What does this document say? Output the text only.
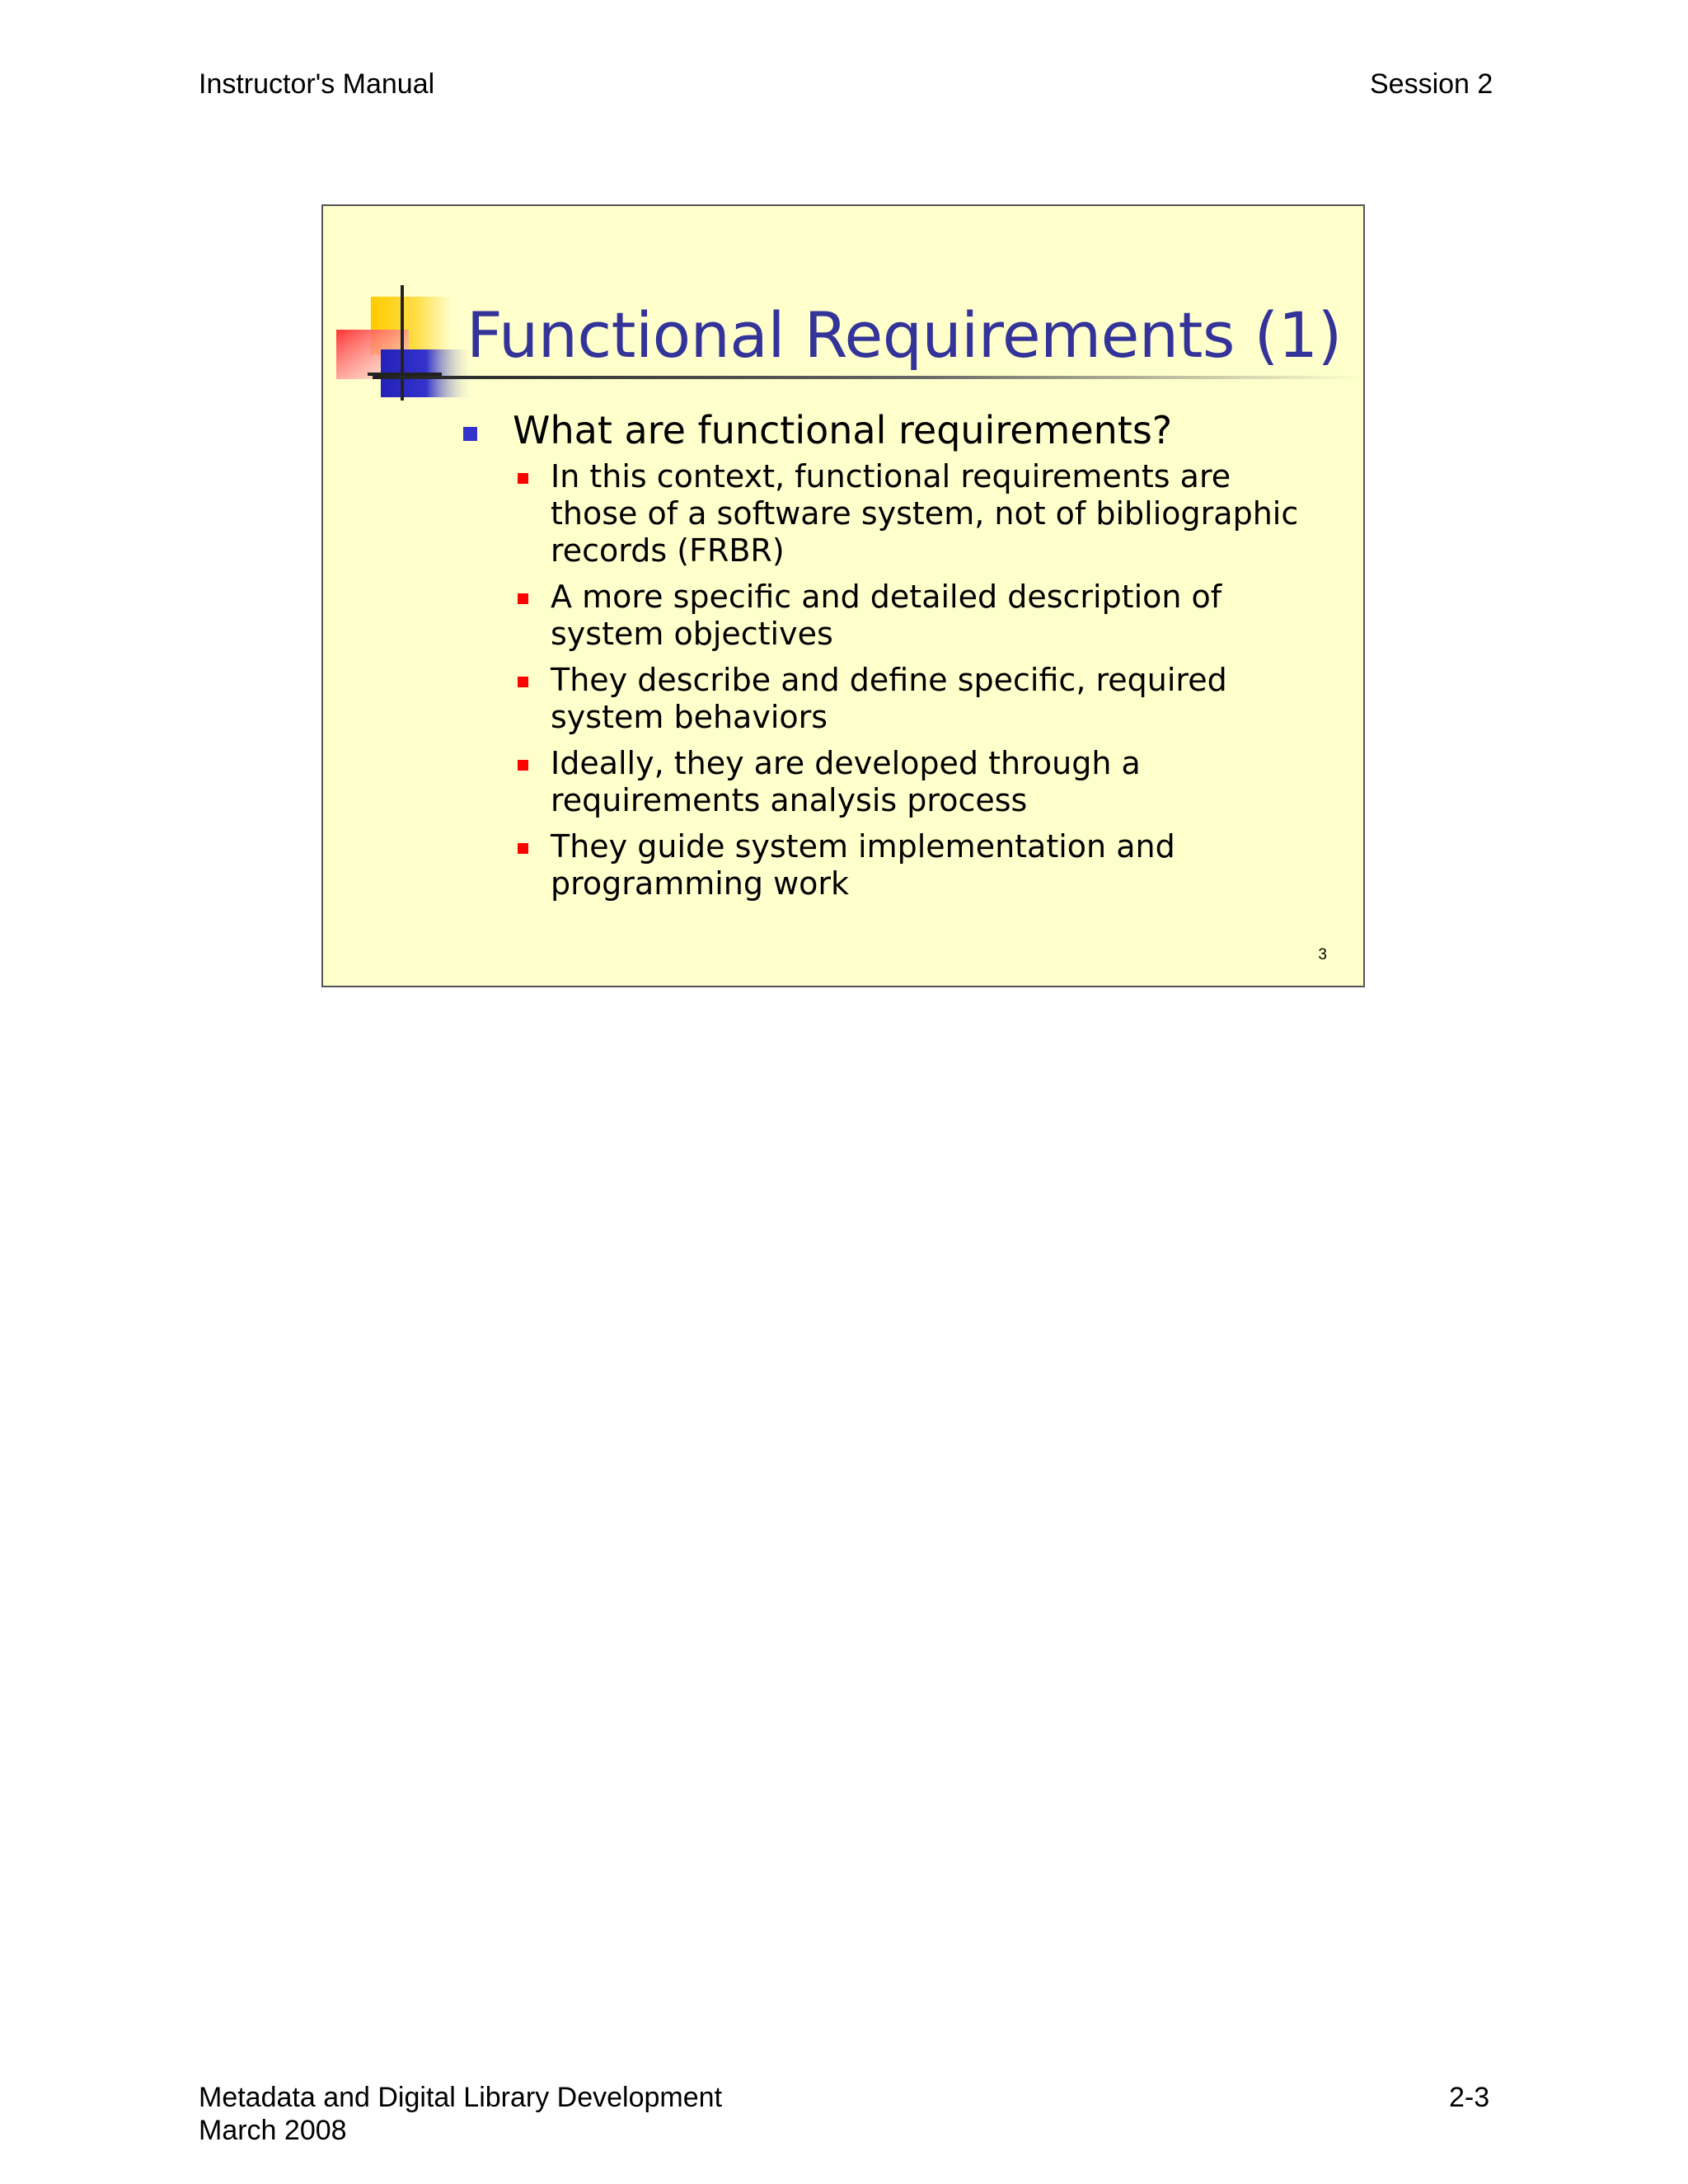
Instructor's Manual	Session 2
Functional Requirements (1)
What are functional requirements?
In this context, functional requirements are those of a software system, not of bibliographic records (FRBR)
A more specific and detailed description of system objectives
They describe and define specific, required system behaviors
Ideally, they are developed through a requirements analysis process
They guide system implementation and programming work
3
Metadata and Digital Library Development
March 2008
2-3
